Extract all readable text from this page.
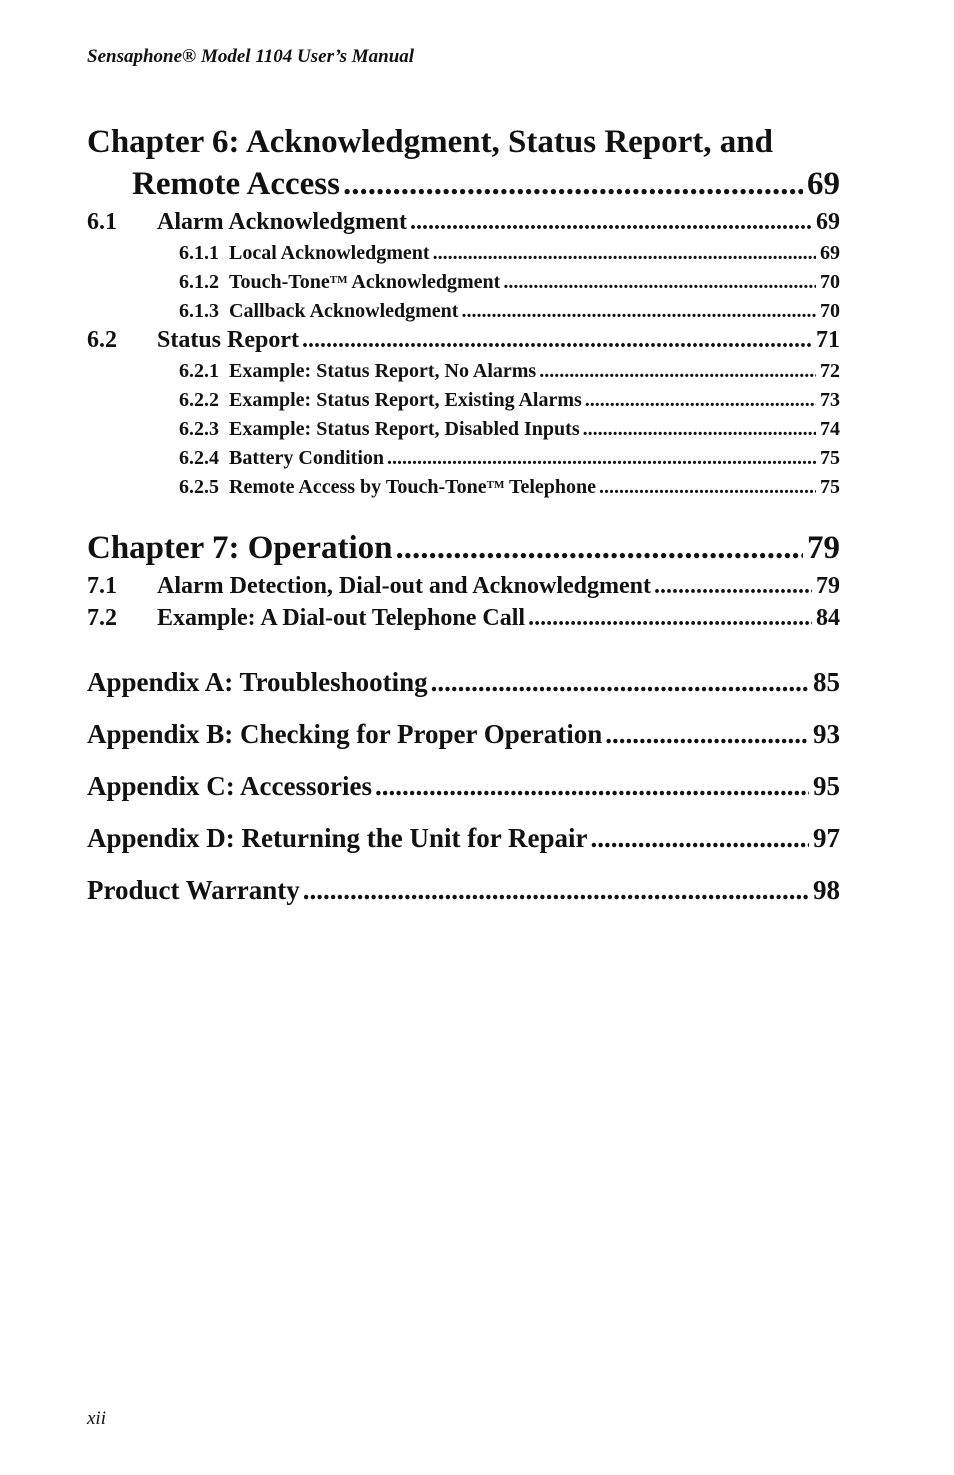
Sensaphone® Model 1104 User’s Manual
Chapter 6: Acknowledgment, Status Report, and
Remote Access .....	69
6.1	Alarm Acknowledgment .....	69
6.1.1 Local Acknowledgment .....	69
6.1.2 Touch-Tone™ Acknowledgment .....	70
6.1.3 Callback Acknowledgment .....	70
6.2	Status Report .....	71
6.2.1 Example: Status Report, No Alarms .....	72
6.2.2 Example: Status Report, Existing Alarms .....	73
6.2.3 Example: Status Report, Disabled Inputs .....	74
6.2.4 Battery Condition .....	75
6.2.5 Remote Access by Touch-Tone™ Telephone .....	75
Chapter 7: Operation .....	79
7.1	Alarm Detection, Dial-out and Acknowledgment .....	79
7.2	Example: A Dial-out Telephone Call .....	84
Appendix A: Troubleshooting .....	85
Appendix B: Checking for Proper Operation .....	93
Appendix C: Accessories .....	95
Appendix D: Returning the Unit for Repair .....	97
Product Warranty .....	98
xii
